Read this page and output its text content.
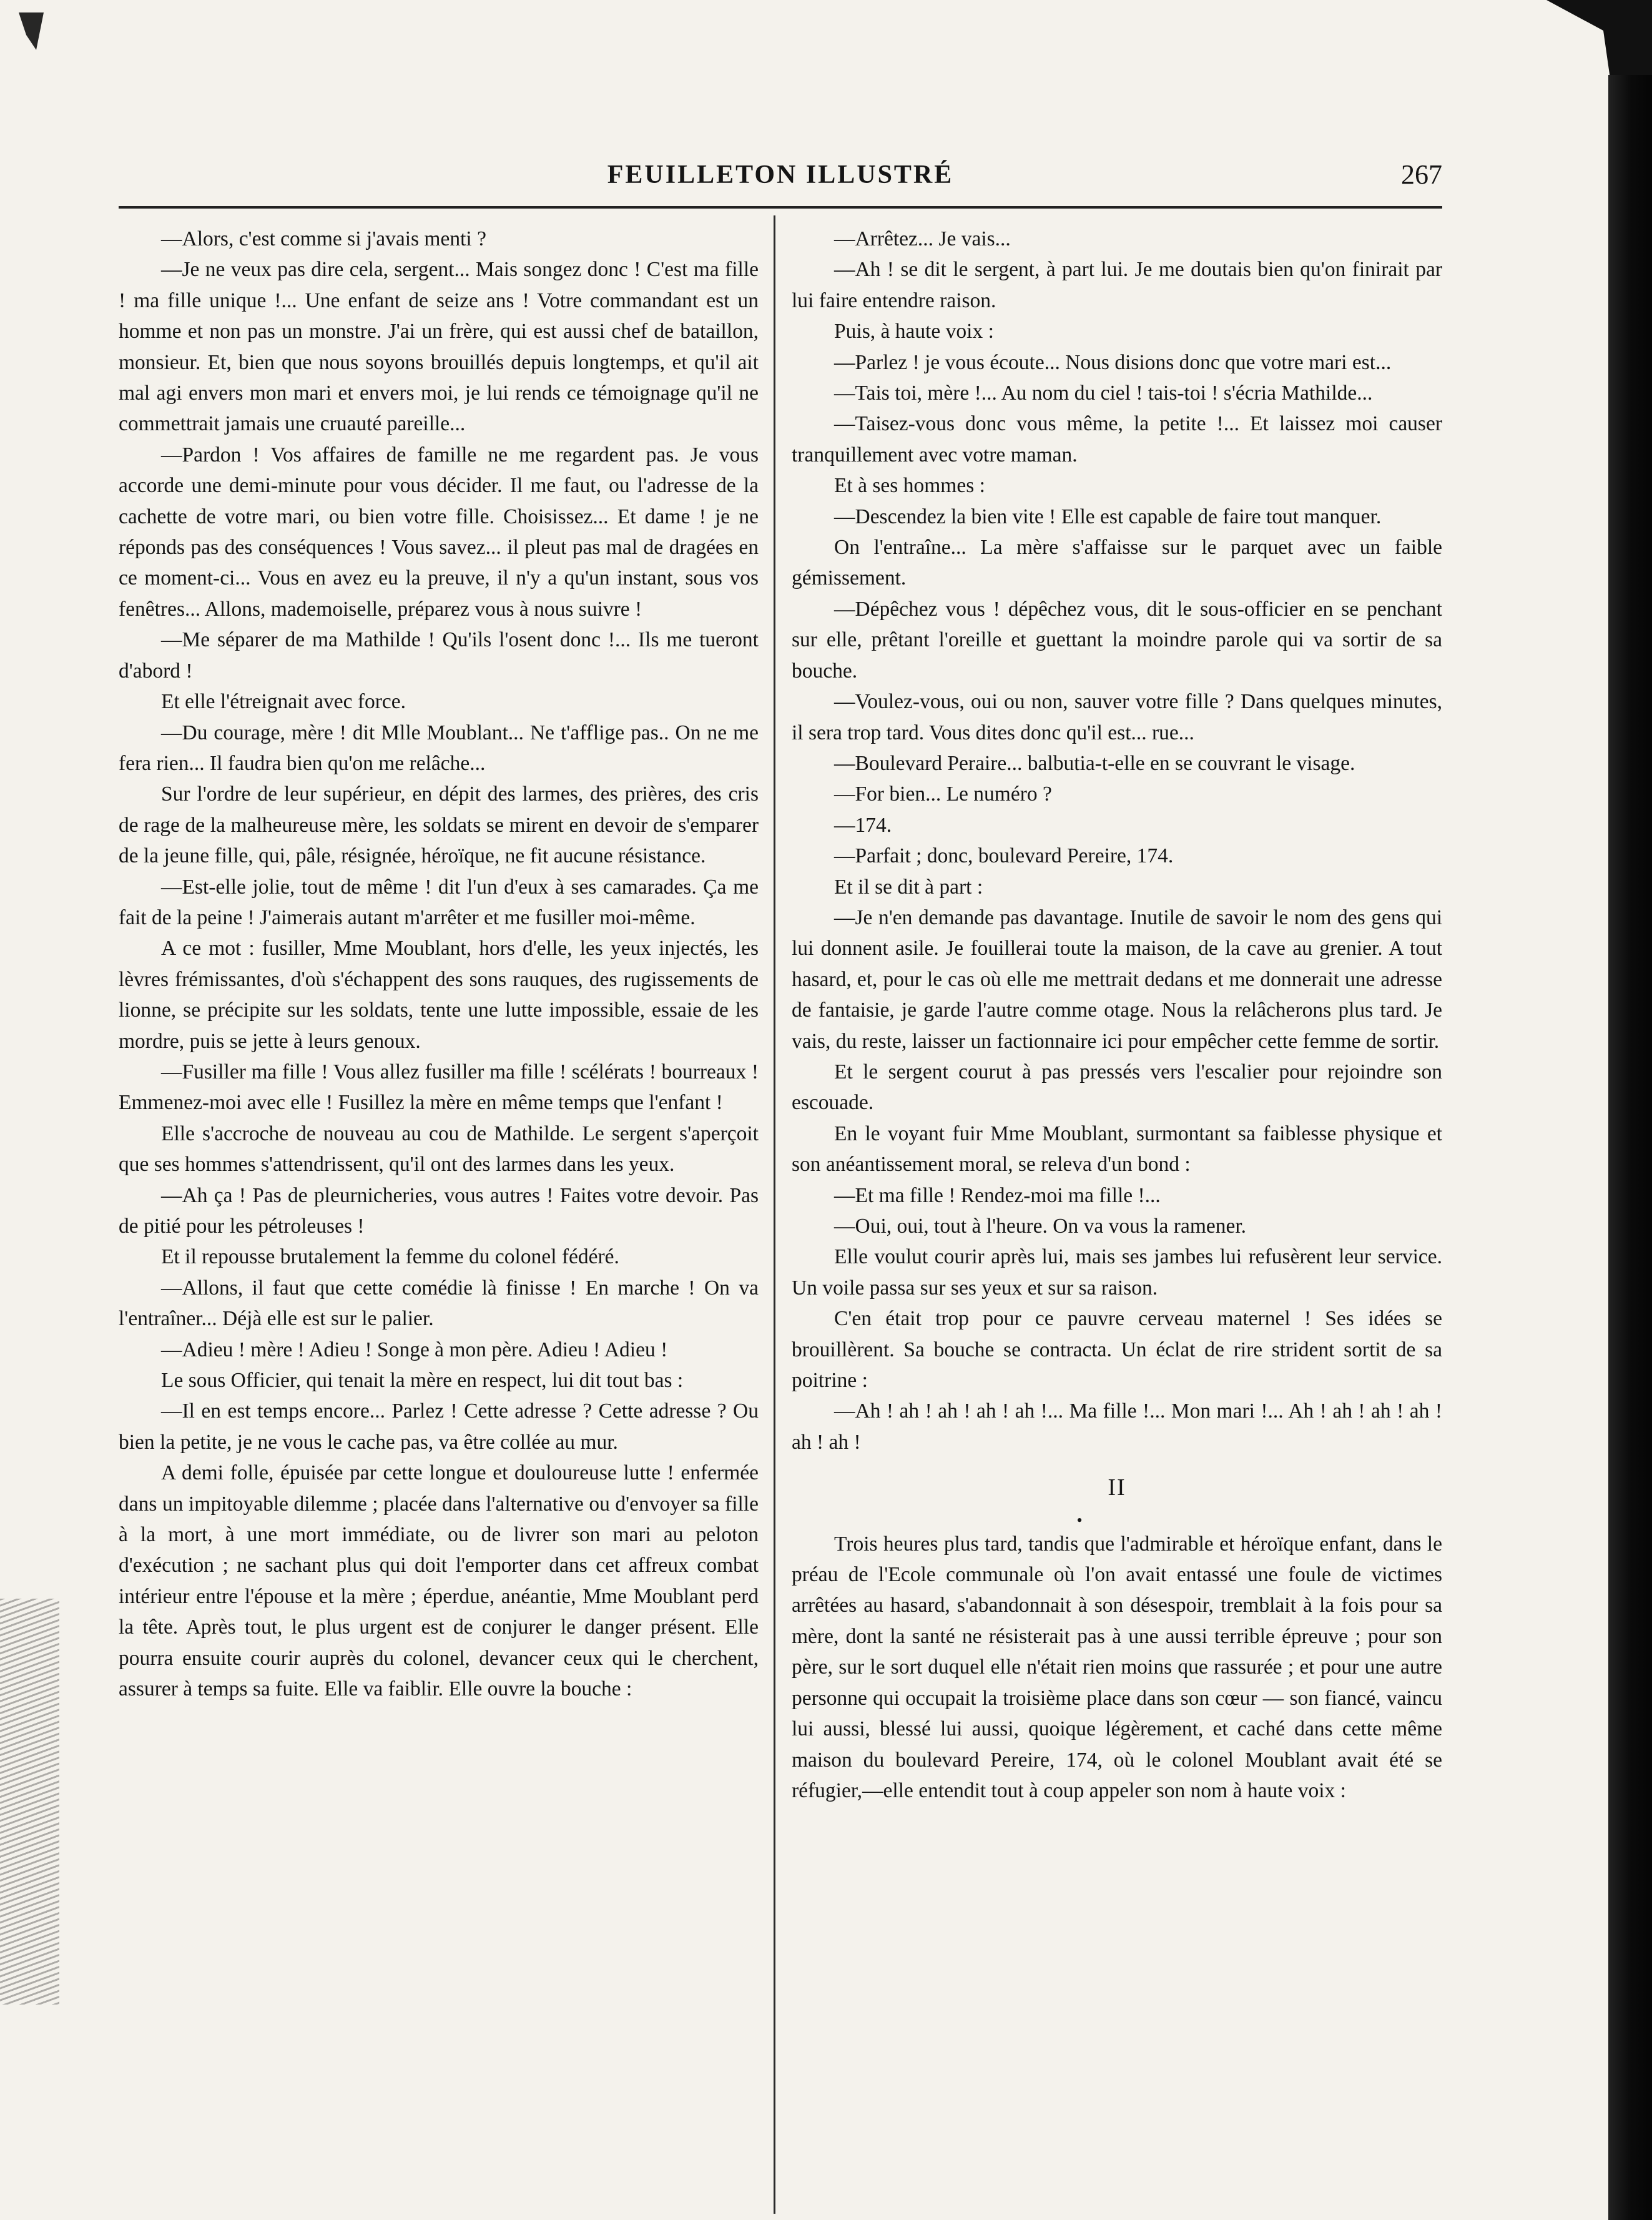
FEUILLETON ILLUSTRÉ	267

—Alors, c'est comme si j'avais menti ?

—Je ne veux pas dire cela, sergent... Mais songez donc ! C'est ma fille ! ma fille unique !... Une enfant de seize ans ! Votre commandant est un homme et non pas un monstre. J'ai un frère, qui est aussi chef de bataillon, monsieur. Et, bien que nous soyons brouillés depuis longtemps, et qu'il ait mal agi envers mon mari et envers moi, je lui rends ce témoignage qu'il ne commettrait jamais une cruauté pareille...

—Pardon ! Vos affaires de famille ne me regardent pas. Je vous accorde une demi-minute pour vous décider. Il me faut, ou l'adresse de la cachette de votre mari, ou bien votre fille. Choisissez... Et dame ! je ne réponds pas des conséquences ! Vous savez... il pleut pas mal de dragées en ce moment-ci... Vous en avez eu la preuve, il n'y a qu'un instant, sous vos fenêtres... Allons, mademoiselle, préparez vous à nous suivre !

—Me séparer de ma Mathilde ! Qu'ils l'osent donc !... Ils me tueront d'abord !

Et elle l'étreignait avec force.

—Du courage, mère ! dit Mlle Moublant... Ne t'afflige pas.. On ne me fera rien... Il faudra bien qu'on me relâche...

Sur l'ordre de leur supérieur, en dépit des larmes, des prières, des cris de rage de la malheureuse mère, les soldats se mirent en devoir de s'emparer de la jeune fille, qui, pâle, résignée, héroïque, ne fit aucune résistance.

—Est-elle jolie, tout de même ! dit l'un d'eux à ses camarades. Ça me fait de la peine ! J'aimerais autant m'arrêter et me fusiller moi-même.

A ce mot : fusiller, Mme Moublant, hors d'elle, les yeux injectés, les lèvres frémissantes, d'où s'échappent des sons rauques, des rugissements de lionne, se précipite sur les soldats, tente une lutte impossible, essaie de les mordre, puis se jette à leurs genoux.

—Fusiller ma fille ! Vous allez fusiller ma fille ! scélérats ! bourreaux ! Emmenez-moi avec elle ! Fusillez la mère en même temps que l'enfant !

Elle s'accroche de nouveau au cou de Mathilde. Le sergent s'aperçoit que ses hommes s'attendrissent, qu'il ont des larmes dans les yeux.

—Ah ça ! Pas de pleurnicheries, vous autres ! Faites votre devoir. Pas de pitié pour les pétroleuses !

Et il repousse brutalement la femme du colonel fédéré.

—Allons, il faut que cette comédie là finisse ! En marche ! On va l'entraîner... Déjà elle est sur le palier.

—Adieu ! mère ! Adieu ! Songe à mon père. Adieu ! Adieu !

Le sous Officier, qui tenait la mère en respect, lui dit tout bas :

—Il en est temps encore... Parlez ! Cette adresse ? Cette adresse ? Ou bien la petite, je ne vous le cache pas, va être collée au mur.

A demi folle, épuisée par cette longue et douloureuse lutte ! enfermée dans un impitoyable dilemme ; placée dans l'alternative ou d'envoyer sa fille à la mort, à une mort immédiate, ou de livrer son mari au peloton d'exécution ; ne sachant plus qui doit l'emporter dans cet affreux combat intérieur entre l'épouse et la mère ; éperdue, anéantie, Mme Moublant perd la tête. Après tout, le plus urgent est de conjurer le danger présent. Elle pourra ensuite courir auprès du colonel, devancer ceux qui le cherchent, assurer à temps sa fuite. Elle va faiblir. Elle ouvre la bouche :

—Arrêtez... Je vais...

—Ah ! se dit le sergent, à part lui. Je me doutais bien qu'on finirait par lui faire entendre raison.

Puis, à haute voix :

—Parlez ! je vous écoute... Nous disions donc que votre mari est...

—Tais toi, mère !... Au nom du ciel ! tais-toi ! s'écria Mathilde...

—Taisez-vous donc vous même, la petite !... Et laissez moi causer tranquillement avec votre maman.

Et à ses hommes :

—Descendez la bien vite ! Elle est capable de faire tout manquer.

On l'entraîne... La mère s'affaisse sur le parquet avec un faible gémissement.

—Dépêchez vous ! dépêchez vous, dit le sous-officier en se penchant sur elle, prêtant l'oreille et guettant la moindre parole qui va sortir de sa bouche.

—Voulez-vous, oui ou non, sauver votre fille ? Dans quelques minutes, il sera trop tard. Vous dites donc qu'il est... rue...

—Boulevard Peraire... balbutia-t-elle en se couvrant le visage.

—For bien... Le numéro ?

—174.

—Parfait ; donc, boulevard Pereire, 174.

Et il se dit à part :

—Je n'en demande pas davantage. Inutile de savoir le nom des gens qui lui donnent asile. Je fouillerai toute la maison, de la cave au grenier. A tout hasard, et, pour le cas où elle me mettrait dedans et me donnerait une adresse de fantaisie, je garde l'autre comme otage. Nous la relâcherons plus tard. Je vais, du reste, laisser un factionnaire ici pour empêcher cette femme de sortir.

Et le sergent courut à pas pressés vers l'escalier pour rejoindre son escouade.

En le voyant fuir Mme Moublant, surmontant sa faiblesse physique et son anéantissement moral, se releva d'un bond :

—Et ma fille ! Rendez-moi ma fille !...

—Oui, oui, tout à l'heure. On va vous la ramener.

Elle voulut courir après lui, mais ses jambes lui refusèrent leur service. Un voile passa sur ses yeux et sur sa raison.

C'en était trop pour ce pauvre cerveau maternel ! Ses idées se brouillèrent. Sa bouche se contracta. Un éclat de rire strident sortit de sa poitrine :

—Ah ! ah ! ah ! ah ! ah !... Ma fille !... Mon mari !... Ah ! ah ! ah ! ah ! ah ! ah !

II
•

Trois heures plus tard, tandis que l'admirable et héroïque enfant, dans le préau de l'Ecole communale où l'on avait entassé une foule de victimes arrêtées au hasard, s'abandonnait à son désespoir, tremblait à la fois pour sa mère, dont la santé ne résisterait pas à une aussi terrible épreuve ; pour son père, sur le sort duquel elle n'était rien moins que rassurée ; et pour une autre personne qui occupait la troisième place dans son cœur — son fiancé, vaincu lui aussi, blessé lui aussi, quoique légèrement, et caché dans cette même maison du boulevard Pereire, 174, où le colonel Moublant avait été se réfugier,—elle entendit tout à coup appeler son nom à haute voix :
